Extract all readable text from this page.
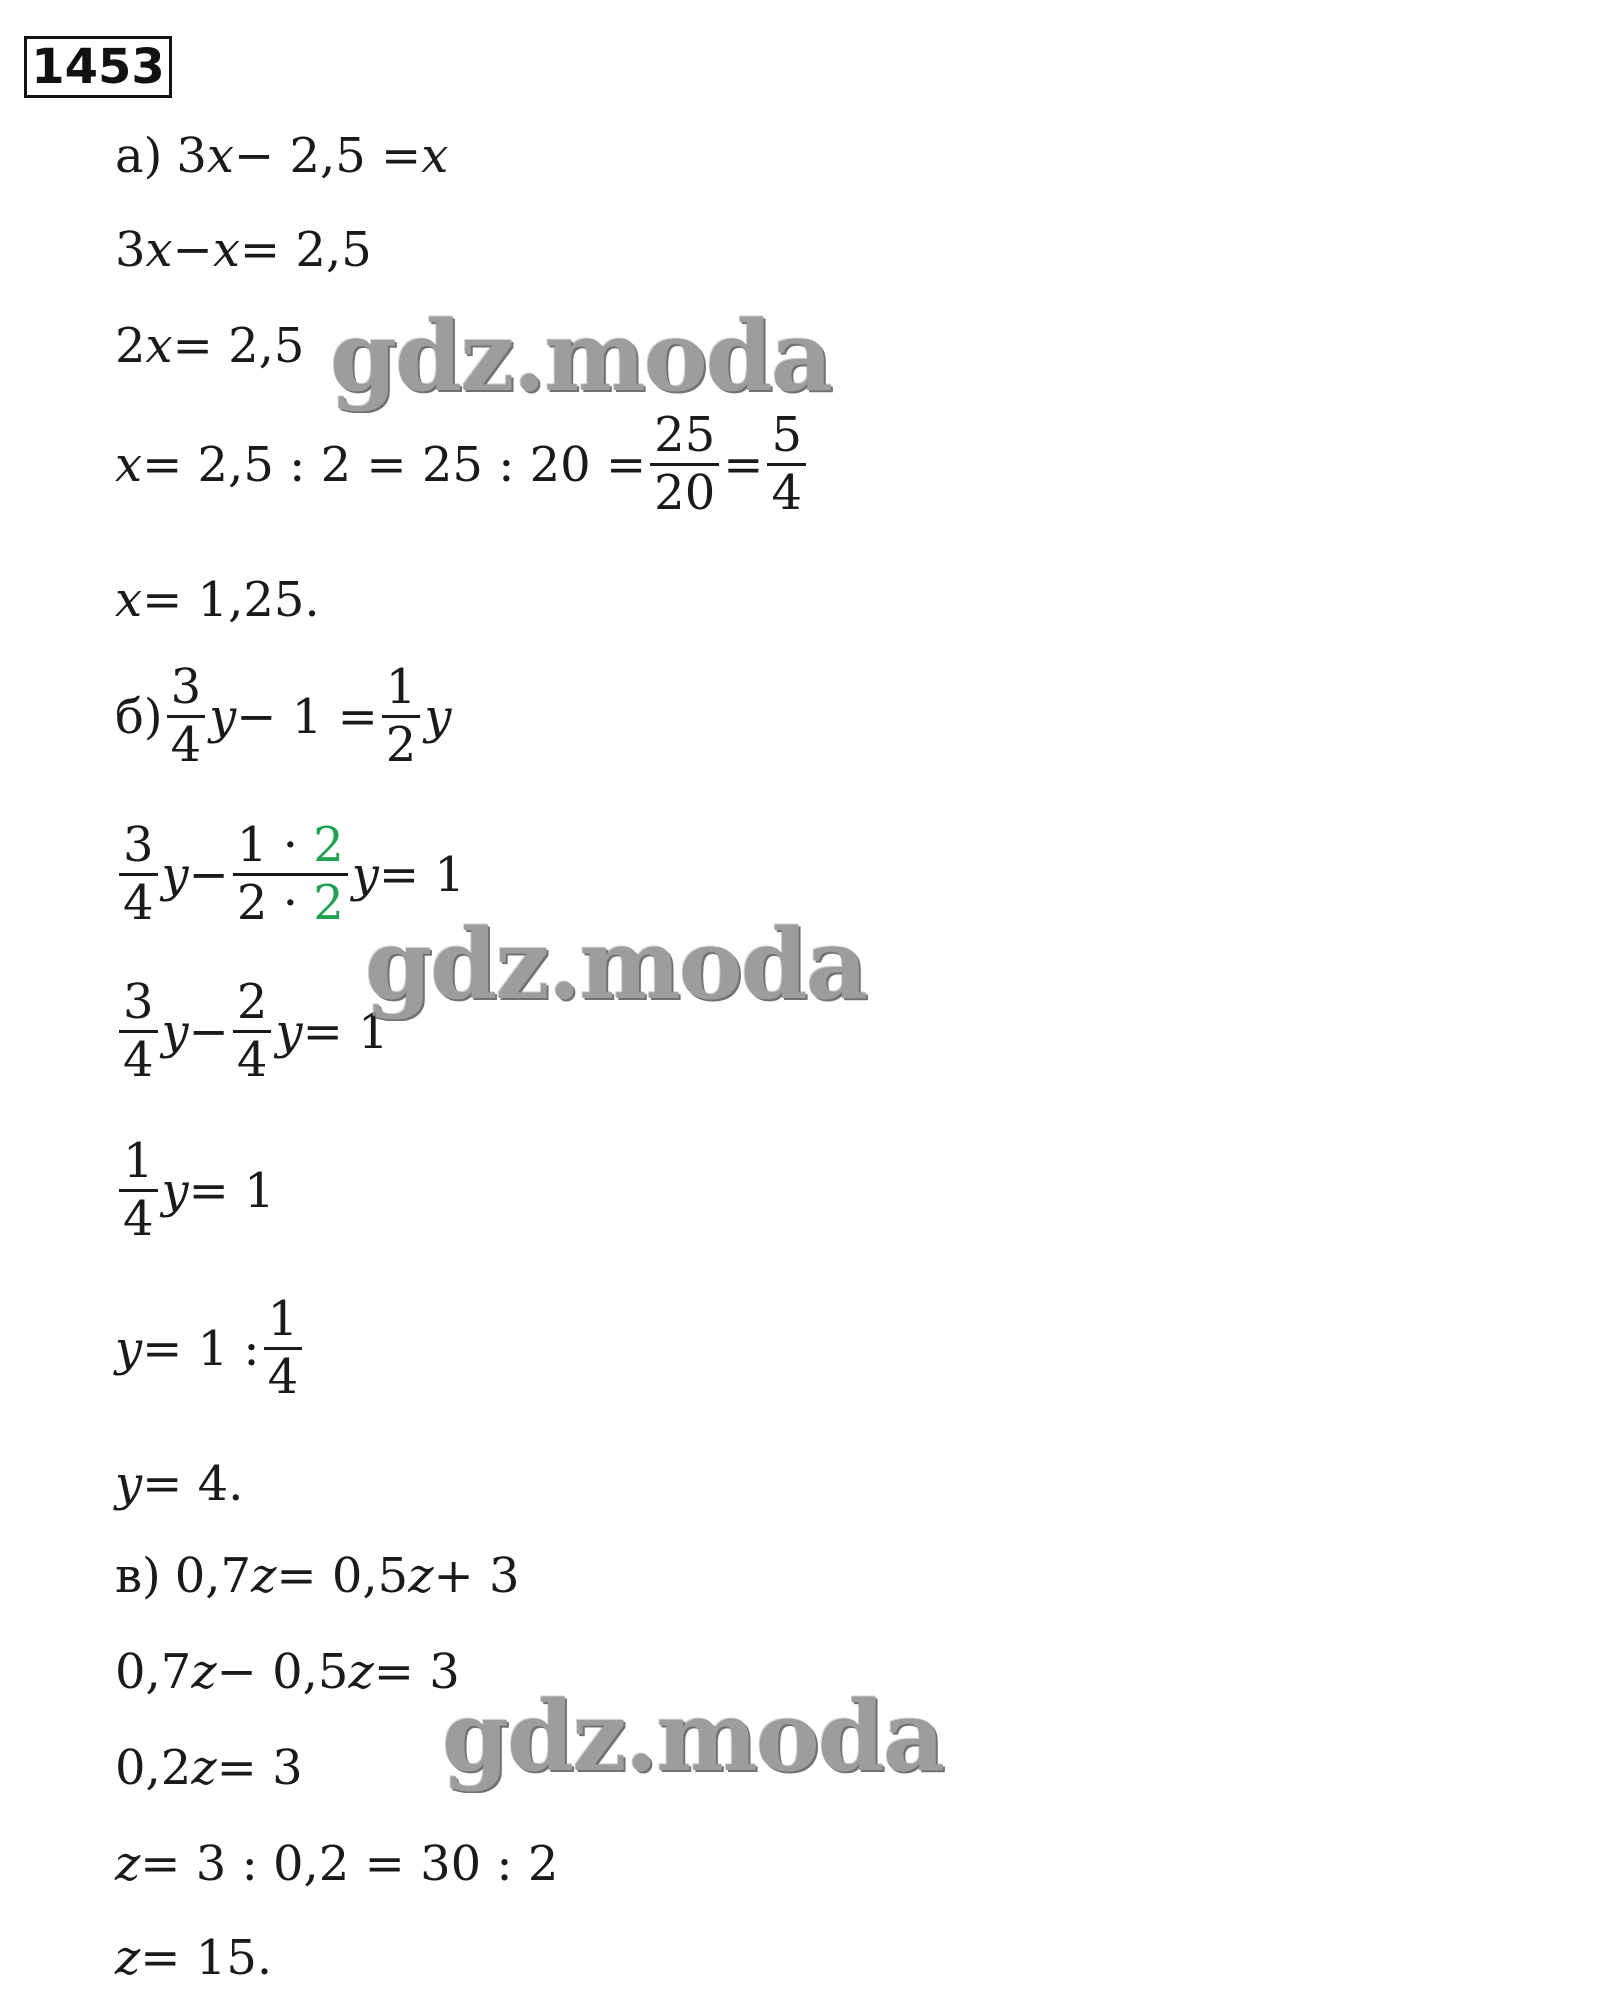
1453
а) 3 x − 2,5 = x
3 x − x = 2,5
2 x = 2,5
x = 2,5 : 2 = 25 : $20 = \frac{25}{20} = \frac{5}{4}$
x = 1,25.
$б) \frac{3}{4}$ $y - 1 = \frac{1}{2}$ y
$\frac{3}{4}$ $y - \frac{1 \cdot 2}{2 \cdot 2}$ y = 1
$\frac{3}{4}$ $y - \frac{2}{4}$ y = 1
$\frac{1}{4}$ y = 1
y = 1 : $\frac{1}{4}$
y = 4.
в) 0,7 z = 0,5 z + 3
0,7 z − 0,5 z = 3
0,2 z = 3
z = 3 : 0,2 = 30 : 2
z = 15.
gdz.moda
gdz.moda
gdz.moda
